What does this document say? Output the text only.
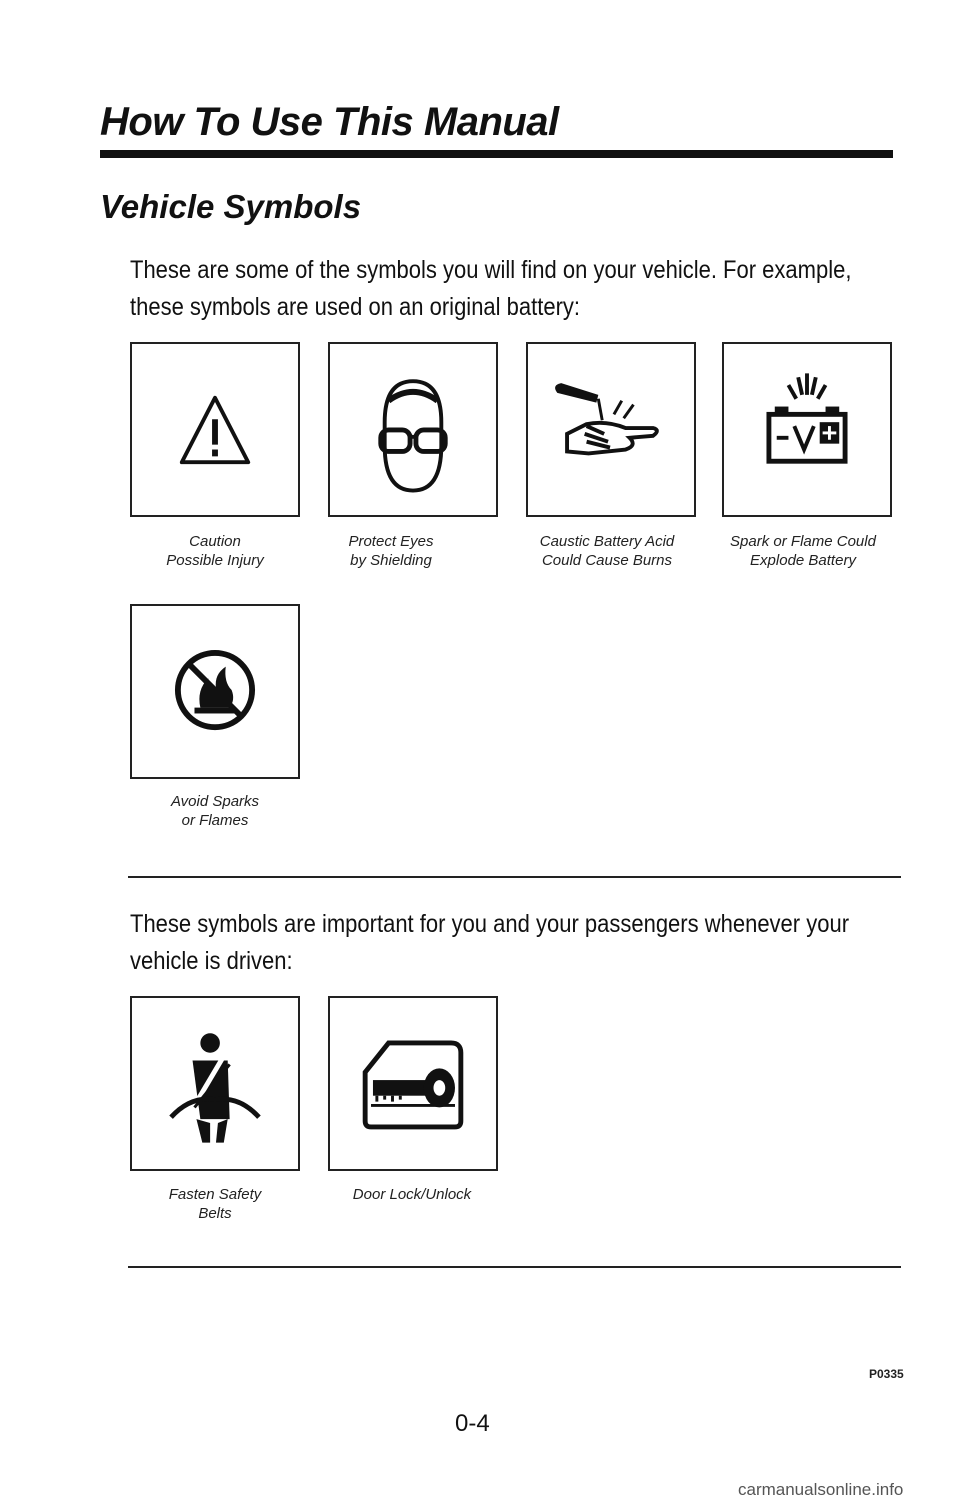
How To Use This Manual
Vehicle Symbols

These are some of the symbols you will find on your vehicle. For example, these symbols are used on an original battery:

Caution
Possible Injury
Protect Eyes
by Shielding
Caustic Battery Acid
Could Cause Burns
Spark or Flame Could
Explode Battery
Avoid Sparks
or Flames

These symbols are important for you and your passengers whenever your vehicle is driven:

Fasten Safety
Belts
Door Lock/Unlock
P0335
0-4
carmanualsonline.info
